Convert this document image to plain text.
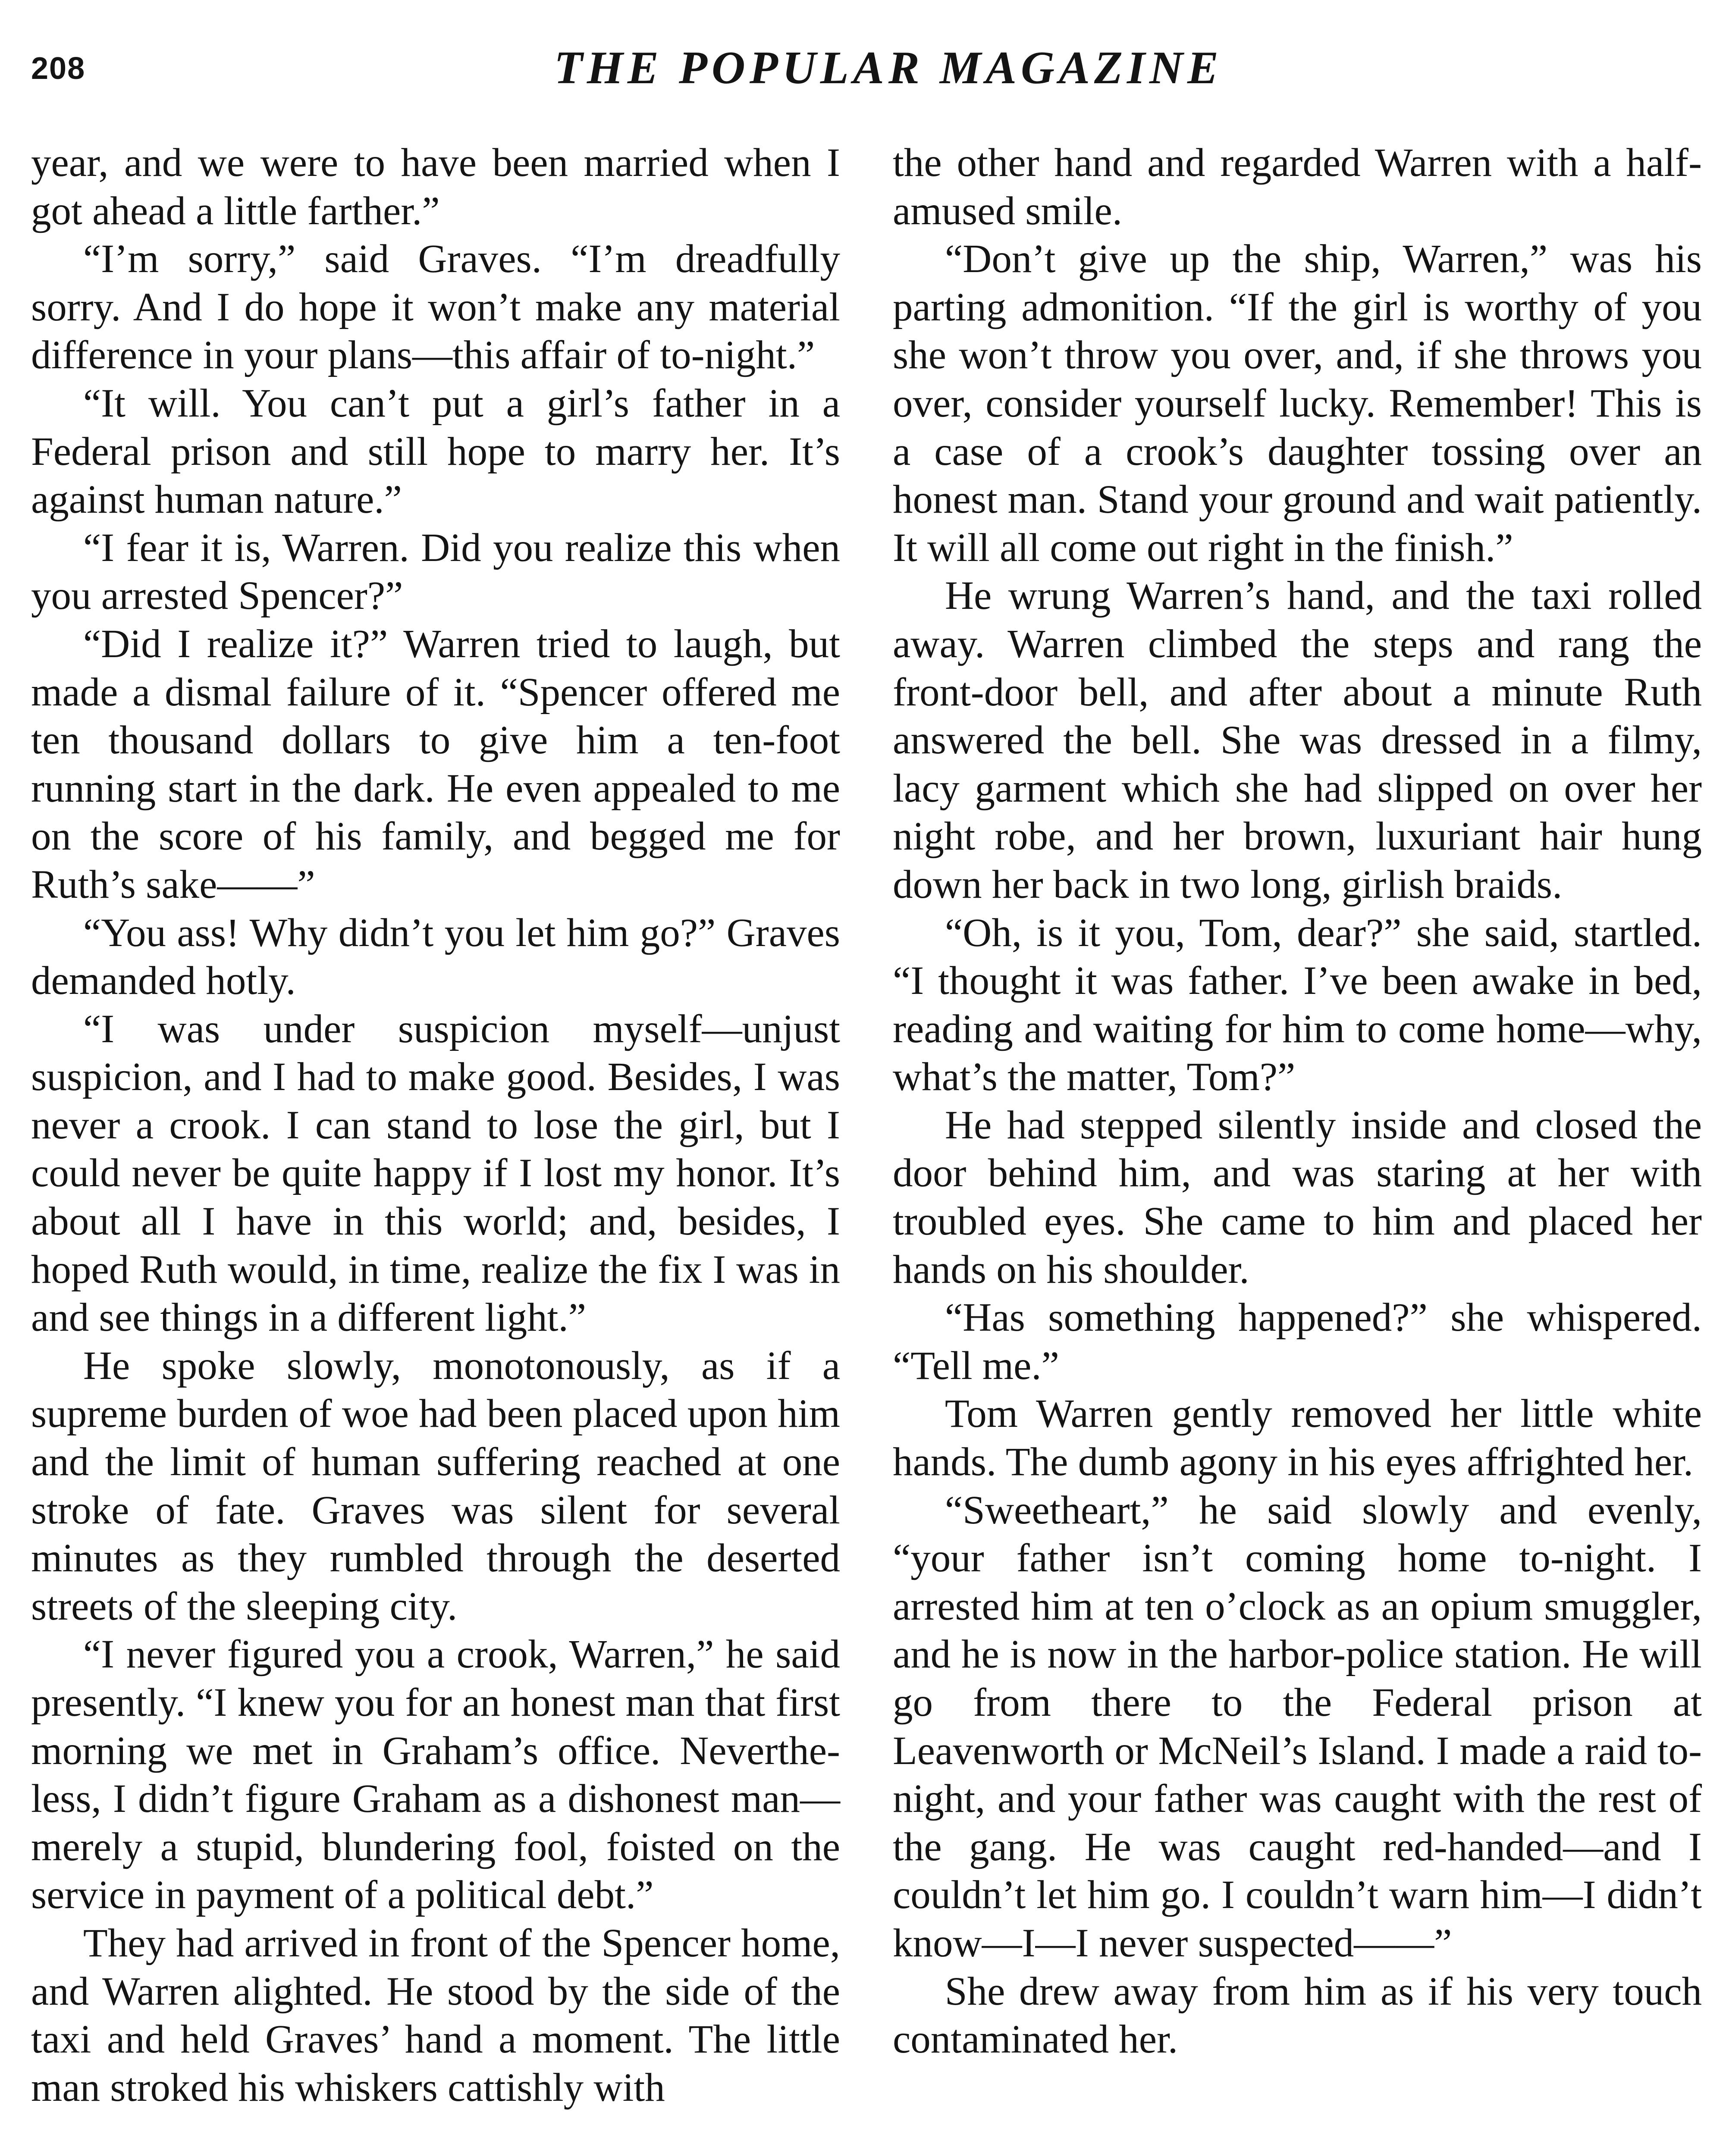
208	THE POPULAR MAGAZINE

year, and we were to have been married when I got ahead a little farther.”

“I’m sorry,” said Graves. “I’m dreadfully sorry. And I do hope it won’t make any material difference in your plans—this affair of to-night.”

“It will. You can’t put a girl’s father in a Federal prison and still hope to marry her. It’s against human nature.”

“I fear it is, Warren. Did you realize this when you arrested Spencer?”

“Did I realize it?” Warren tried to laugh, but made a dismal failure of it. “Spencer offered me ten thousand dollars to give him a ten-foot running start in the dark. He even appealed to me on the score of his family, and begged me for Ruth’s sake——”

“You ass! Why didn’t you let him go?” Graves demanded hotly.

“I was under suspicion myself—unjust suspicion, and I had to make good. Besides, I was never a crook. I can stand to lose the girl, but I could never be quite happy if I lost my honor. It’s about all I have in this world; and, besides, I hoped Ruth would, in time, realize the fix I was in and see things in a different light.”

He spoke slowly, monotonously, as if a supreme burden of woe had been placed upon him and the limit of human suffering reached at one stroke of fate. Graves was silent for several minutes as they rumbled through the deserted streets of the sleeping city.

“I never figured you a crook, Warren,” he said presently. “I knew you for an honest man that first morning we met in Graham’s office. Nevertheless, I didn’t figure Graham as a dishonest man—merely a stupid, blundering fool, foisted on the service in payment of a political debt.”

They had arrived in front of the Spencer home, and Warren alighted. He stood by the side of the taxi and held Graves’ hand a moment. The little man stroked his whiskers cattishly with

the other hand and regarded Warren with a half-amused smile.

“Don’t give up the ship, Warren,” was his parting admonition. “If the girl is worthy of you she won’t throw you over, and, if she throws you over, consider yourself lucky. Remember! This is a case of a crook’s daughter tossing over an honest man. Stand your ground and wait patiently. It will all come out right in the finish.”

He wrung Warren’s hand, and the taxi rolled away. Warren climbed the steps and rang the front-door bell, and after about a minute Ruth answered the bell. She was dressed in a filmy, lacy garment which she had slipped on over her night robe, and her brown, luxuriant hair hung down her back in two long, girlish braids.

“Oh, is it you, Tom, dear?” she said, startled. “I thought it was father. I’ve been awake in bed, reading and waiting for him to come home—why, what’s the matter, Tom?”

He had stepped silently inside and closed the door behind him, and was staring at her with troubled eyes. She came to him and placed her hands on his shoulder.

“Has something happened?” she whispered. “Tell me.”

Tom Warren gently removed her little white hands. The dumb agony in his eyes affrighted her.

“Sweetheart,” he said slowly and evenly, “your father isn’t coming home to-night. I arrested him at ten o’clock as an opium smuggler, and he is now in the harbor-police station. He will go from there to the Federal prison at Leavenworth or McNeil’s Island. I made a raid to-night, and your father was caught with the rest of the gang. He was caught red-handed—and I couldn’t let him go. I couldn’t warn him—I didn’t know—I—I never suspected——”

She drew away from him as if his very touch contaminated her.
